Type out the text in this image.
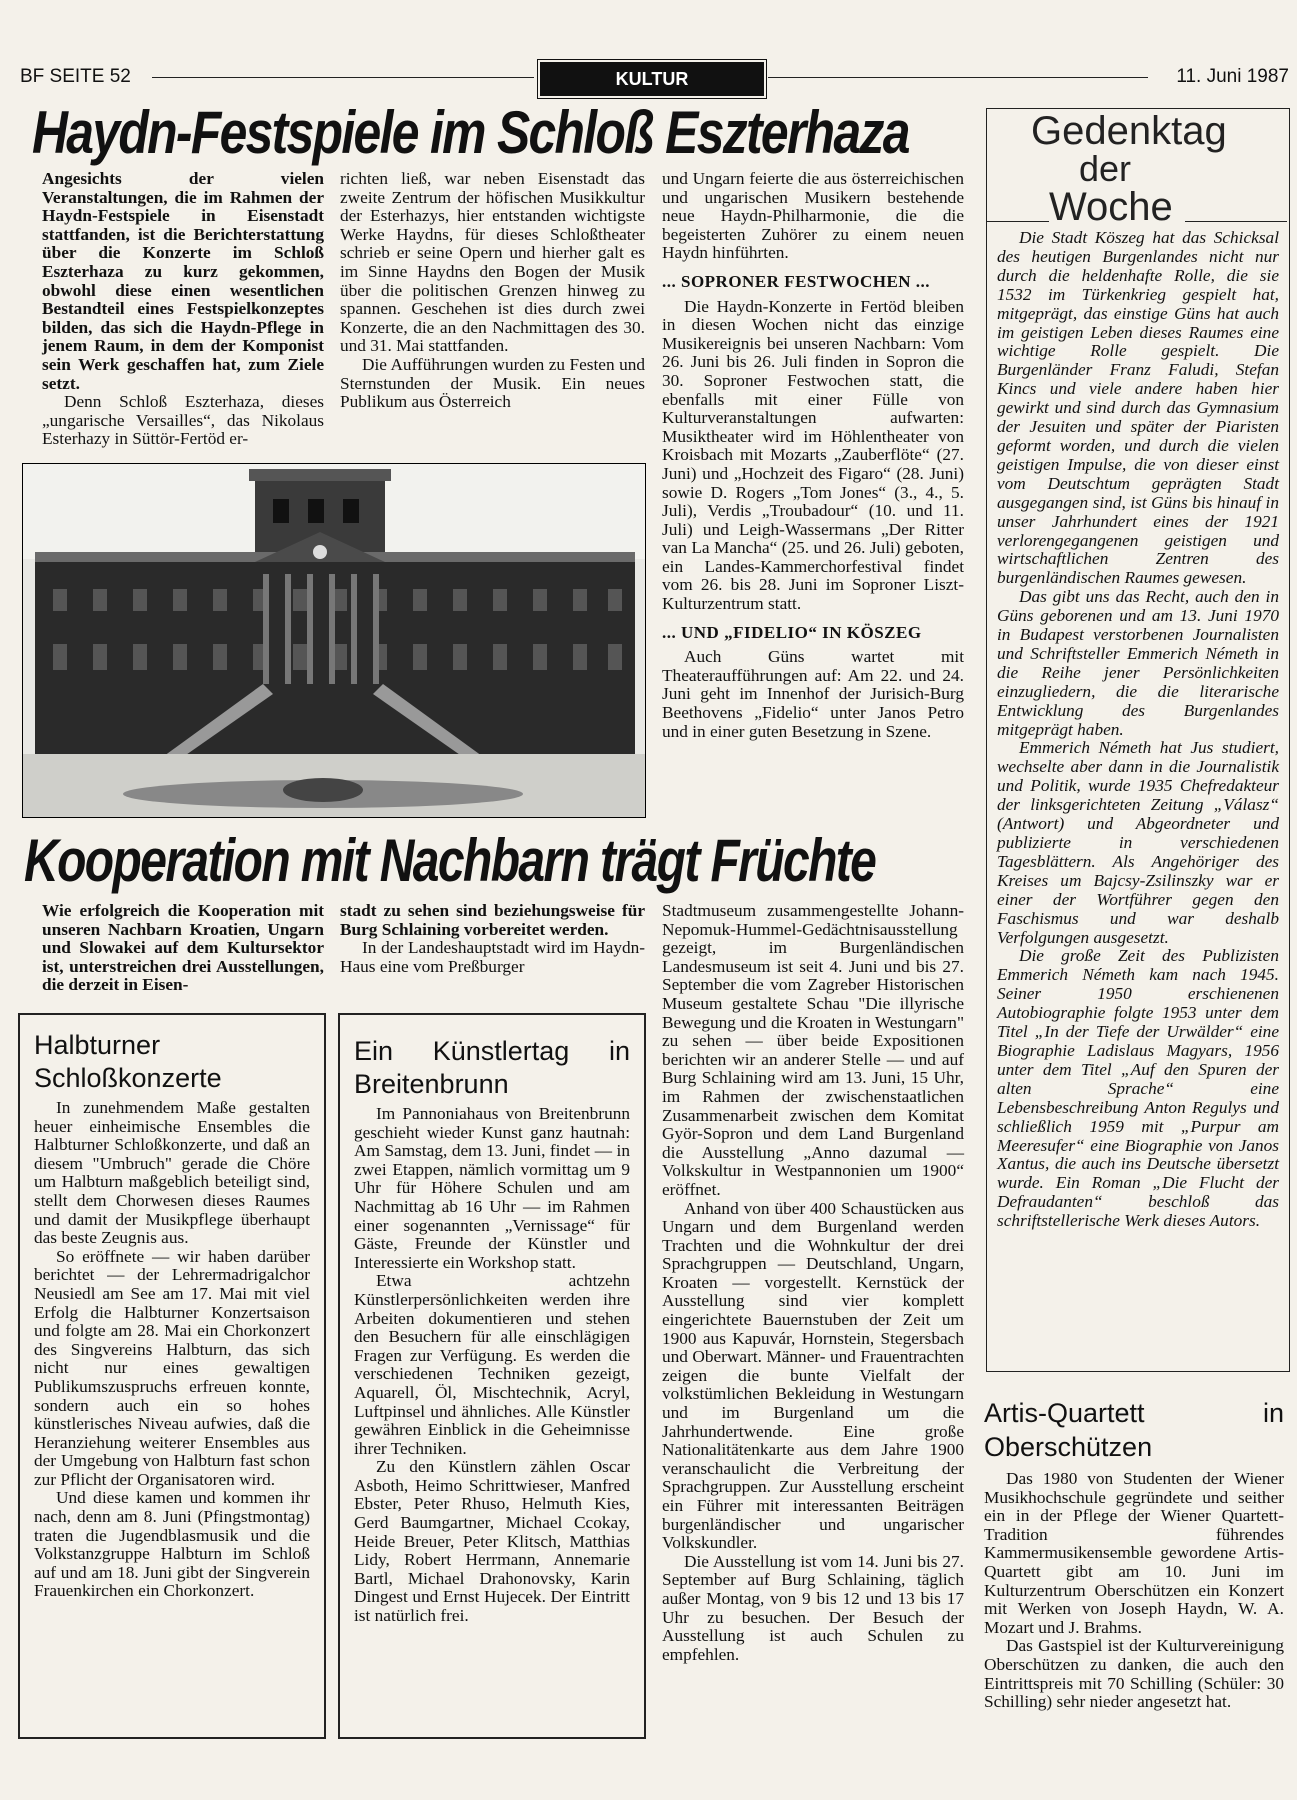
BF SEITE 52	KULTUR	11. Juni 1987
Haydn-Festspiele im Schloß Eszterhaza
Angesichts der vielen Veranstaltungen, die im Rahmen der Haydn-Festspiele in Eisenstadt stattfanden, ist die Berichterstattung über die Konzerte im Schloß Eszterhaza zu kurz gekommen, obwohl diese einen wesentlichen Bestandteil eines Festspielkonzeptes bilden, das sich die Haydn-Pflege in jenem Raum, in dem der Komponist sein Werk geschaffen hat, zum Ziele setzt.

Denn Schloß Eszterhaza, dieses „ungarische Versailles“, das Nikolaus Esterhazy in Süttör-Fertöd er-

richten ließ, war neben Eisenstadt das zweite Zentrum der höfischen Musikkultur der Esterhazys, hier entstanden wichtigste Werke Haydns, für dieses Schloßtheater schrieb er seine Opern und hierher galt es im Sinne Haydns den Bogen der Musik über die politischen Grenzen hinweg zu spannen. Geschehen ist dies durch zwei Konzerte, die an den Nachmittagen des 30. und 31. Mai stattfanden.

Die Aufführungen wurden zu Festen und Sternstunden der Musik. Ein neues Publikum aus Österreich

und Ungarn feierte die aus österreichischen und ungarischen Musikern bestehende neue Haydn-Philharmonie, die die begeisterten Zuhörer zu einem neuen Haydn hinführten.

... SOPRONER FESTWOCHEN ...

Die Haydn-Konzerte in Fertöd bleiben in diesen Wochen nicht das einzige Musikereignis bei unseren Nachbarn: Vom 26. Juni bis 26. Juli finden in Sopron die 30. Soproner Festwochen statt, die ebenfalls mit einer Fülle von Kulturveranstaltungen aufwarten: Musiktheater wird im Höhlentheater von Kroisbach mit Mozarts „Zauberflöte“ (27. Juni) und „Hochzeit des Figaro“ (28. Juni) sowie D. Rogers „Tom Jones“ (3., 4., 5. Juli), Verdis „Troubadour“ (10. und 11. Juli) und Leigh-Wassermans „Der Ritter van La Mancha“ (25. und 26. Juli) geboten, ein Landes-Kammerchorfestival findet vom 26. bis 28. Juni im Soproner Liszt-Kulturzentrum statt.

... UND „FIDELIO“ IN KÖSZEG

Auch Güns wartet mit Theateraufführungen auf: Am 22. und 24. Juni geht im Innenhof der Jurisich-Burg Beethovens „Fidelio“ unter Janos Petro und in einer guten Besetzung in Szene.

Kooperation mit Nachbarn trägt Früchte
Wie erfolgreich die Kooperation mit unseren Nachbarn Kroatien, Ungarn und Slowakei auf dem Kultursektor ist, unterstreichen drei Ausstellungen, die derzeit in Eisen-
stadt zu sehen sind beziehungsweise für Burg Schlaining vorbereitet werden.

In der Landeshauptstadt wird im Haydn-Haus eine vom Preßburger

Stadtmuseum zusammengestellte Johann-Nepomuk-Hummel-Gedächtnisausstellung gezeigt, im Burgenländischen Landesmuseum ist seit 4. Juni und bis 27. September die vom Zagreber Historischen Museum gestaltete Schau "Die illyrische Bewegung und die Kroaten in Westungarn" zu sehen — über beide Expositionen berichten wir an anderer Stelle — und auf Burg Schlaining wird am 13. Juni, 15 Uhr, im Rahmen der zwischenstaatlichen Zusammenarbeit zwischen dem Komitat Györ-Sopron und dem Land Burgenland die Ausstellung „Anno dazumal — Volkskultur in Westpannonien um 1900“ eröffnet.

Anhand von über 400 Schaustücken aus Ungarn und dem Burgenland werden Trachten und die Wohnkultur der drei Sprachgruppen — Deutschland, Ungarn, Kroaten — vorgestellt. Kernstück der Ausstellung sind vier komplett eingerichtete Bauernstuben der Zeit um 1900 aus Kapuvár, Hornstein, Stegersbach und Oberwart. Männer- und Frauentrachten zeigen die bunte Vielfalt der volkstümlichen Bekleidung in Westungarn und im Burgenland um die Jahrhundertwende. Eine große Nationalitätenkarte aus dem Jahre 1900 veranschaulicht die Verbreitung der Sprachgruppen. Zur Ausstellung erscheint ein Führer mit interessanten Beiträgen burgenländischer und ungarischer Volkskundler.

Die Ausstellung ist vom 14. Juni bis 27. September auf Burg Schlaining, täglich außer Montag, von 9 bis 12 und 13 bis 17 Uhr zu besuchen. Der Besuch der Ausstellung ist auch Schulen zu empfehlen.

Halbturner Schloßkonzerte

In zunehmendem Maße gestalten heuer einheimische Ensembles die Halbturner Schloßkonzerte, und daß an diesem "Umbruch" gerade die Chöre um Halbturn maßgeblich beteiligt sind, stellt dem Chorwesen dieses Raumes und damit der Musikpflege überhaupt das beste Zeugnis aus.

So eröffnete — wir haben darüber berichtet — der Lehrermadrigalchor Neusiedl am See am 17. Mai mit viel Erfolg die Halbturner Konzertsaison und folgte am 28. Mai ein Chorkonzert des Singvereins Halbturn, das sich nicht nur eines gewaltigen Publikumszuspruchs erfreuen konnte, sondern auch ein so hohes künstlerisches Niveau aufwies, daß die Heranziehung weiterer Ensembles aus der Umgebung von Halbturn fast schon zur Pflicht der Organisatoren wird.

Und diese kamen und kommen ihr nach, denn am 8. Juni (Pfingstmontag) traten die Jugendblasmusik und die Volkstanzgruppe Halbturn im Schloß auf und am 18. Juni gibt der Singverein Frauenkirchen ein Chorkonzert.

Ein Künstlertag in Breitenbrunn

Im Pannoniahaus von Breitenbrunn geschieht wieder Kunst ganz hautnah: Am Samstag, dem 13. Juni, findet — in zwei Etappen, nämlich vormittag um 9 Uhr für Höhere Schulen und am Nachmittag ab 16 Uhr — im Rahmen einer sogenannten „Vernissage“ für Gäste, Freunde der Künstler und Interessierte ein Workshop statt.

Etwa achtzehn Künstlerpersönlichkeiten werden ihre Arbeiten dokumentieren und stehen den Besuchern für alle einschlägigen Fragen zur Verfügung. Es werden die verschiedenen Techniken gezeigt, Aquarell, Öl, Mischtechnik, Acryl, Luftpinsel und ähnliches. Alle Künstler gewähren Einblick in die Geheimnisse ihrer Techniken.

Zu den Künstlern zählen Oscar Asboth, Heimo Schrittwieser, Manfred Ebster, Peter Rhuso, Helmuth Kies, Gerd Baumgartner, Michael Ccokay, Heide Breuer, Peter Klitsch, Matthias Lidy, Robert Herrmann, Annemarie Bartl, Michael Drahonovsky, Karin Dingest und Ernst Hujecek. Der Eintritt ist natürlich frei.

Gedenktag
der
Woche

Die Stadt Köszeg hat das Schicksal des heutigen Burgenlandes nicht nur durch die heldenhafte Rolle, die sie 1532 im Türkenkrieg gespielt hat, mitgeprägt, das einstige Güns hat auch im geistigen Leben dieses Raumes eine wichtige Rolle gespielt. Die Burgenländer Franz Faludi, Stefan Kincs und viele andere haben hier gewirkt und sind durch das Gymnasium der Jesuiten und später der Piaristen geformt worden, und durch die vielen geistigen Impulse, die von dieser einst vom Deutschtum geprägten Stadt ausgegangen sind, ist Güns bis hinauf in unser Jahrhundert eines der 1921 verlorengegangenen geistigen und wirtschaftlichen Zentren des burgenländischen Raumes gewesen.

Das gibt uns das Recht, auch den in Güns geborenen und am 13. Juni 1970 in Budapest verstorbenen Journalisten und Schriftsteller Emmerich Németh in die Reihe jener Persönlichkeiten einzugliedern, die die literarische Entwicklung des Burgenlandes mitgeprägt haben.

Emmerich Németh hat Jus studiert, wechselte aber dann in die Journalistik und Politik, wurde 1935 Chefredakteur der linksgerichteten Zeitung „Válasz“ (Antwort) und Abgeordneter und publizierte in verschiedenen Tagesblättern. Als Angehöriger des Kreises um Bajcsy-Zsilinszky war er einer der Wortführer gegen den Faschismus und war deshalb Verfolgungen ausgesetzt.

Die große Zeit des Publizisten Emmerich Németh kam nach 1945. Seiner 1950 erschienenen Autobiographie folgte 1953 unter dem Titel „In der Tiefe der Urwälder“ eine Biographie Ladislaus Magyars, 1956 unter dem Titel „Auf den Spuren der alten Sprache“ eine Lebensbeschreibung Anton Regulys und schließlich 1959 mit „Purpur am Meeresufer“ eine Biographie von Janos Xantus, die auch ins Deutsche übersetzt wurde. Ein Roman „Die Flucht der Defraudanten“ beschloß das schriftstellerische Werk dieses Autors.

Artis-Quartett in Oberschützen

Das 1980 von Studenten der Wiener Musikhochschule gegründete und seither ein in der Pflege der Wiener Quartett-Tradition führendes Kammermusikensemble gewordene Artis-Quartett gibt am 10. Juni im Kulturzentrum Oberschützen ein Konzert mit Werken von Joseph Haydn, W. A. Mozart und J. Brahms.

Das Gastspiel ist der Kulturvereinigung Oberschützen zu danken, die auch den Eintrittspreis mit 70 Schilling (Schüler: 30 Schilling) sehr nieder angesetzt hat.
